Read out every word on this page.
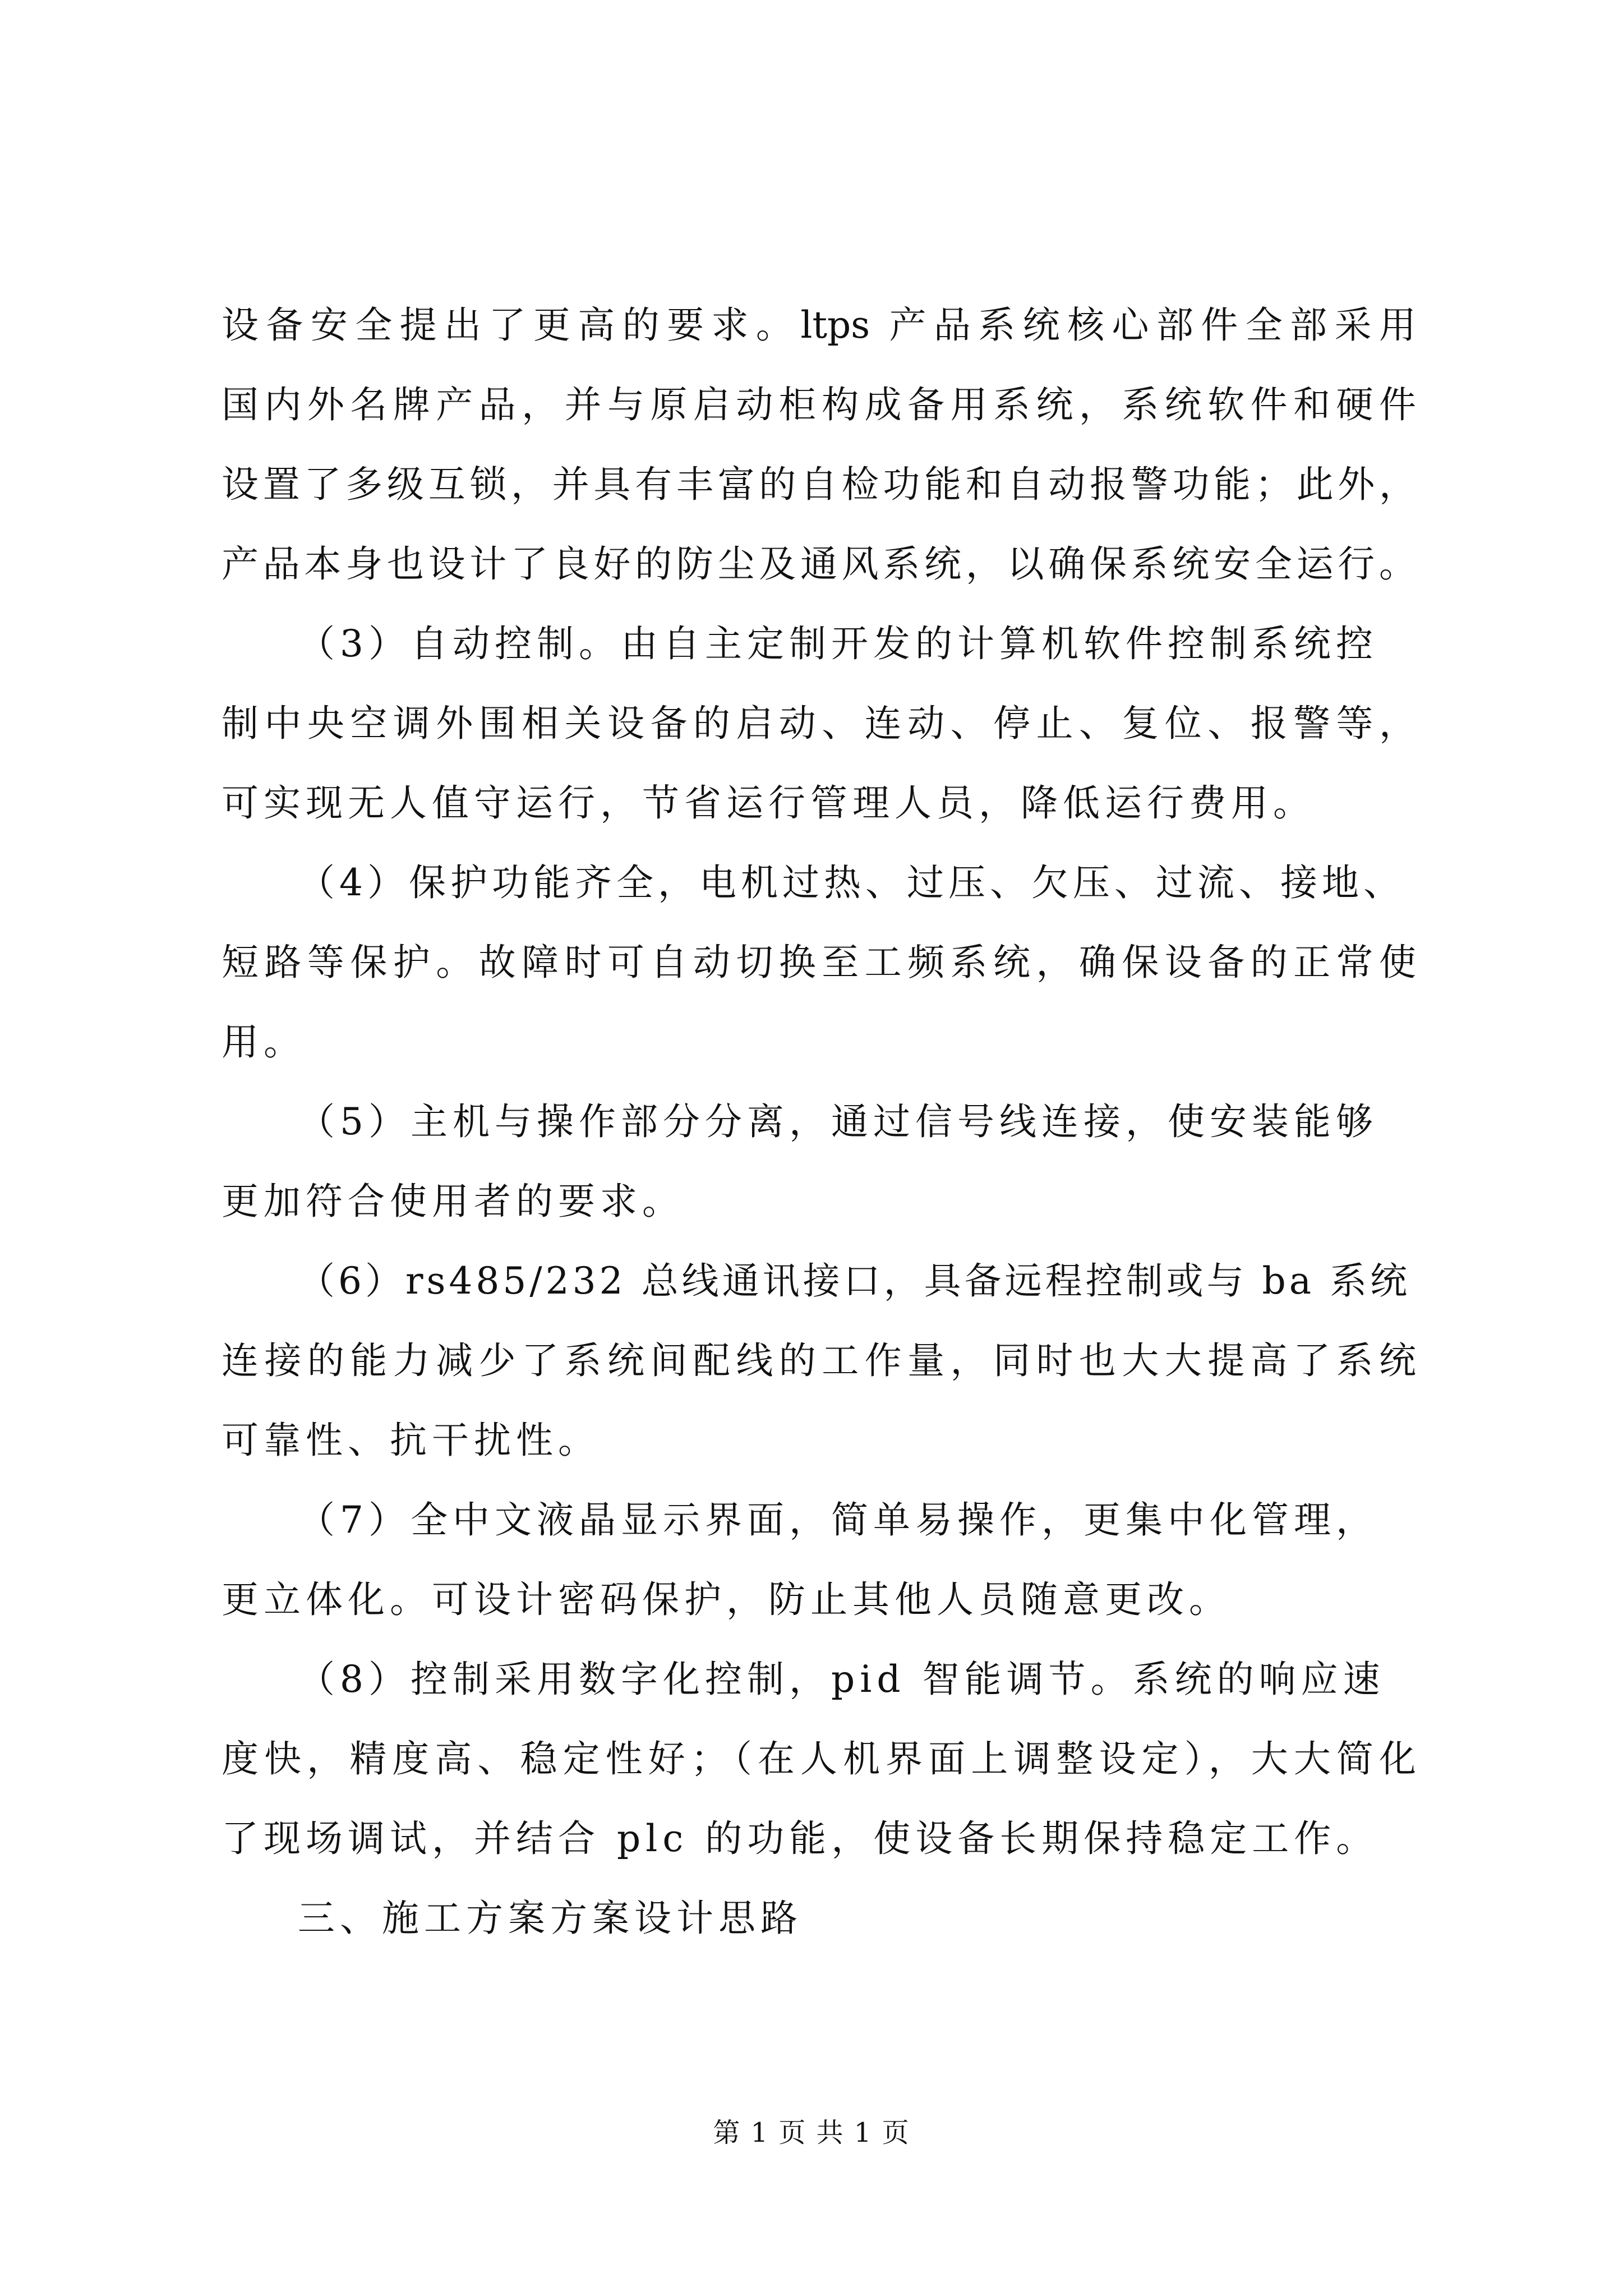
设备安全提出了更高的要求。ltps 产品系统核心部件全部采用
国内外名牌产品，并与原启动柜构成备用系统，系统软件和硬件
设置了多级互锁，并具有丰富的自检功能和自动报警功能；此外，
产品本身也设计了良好的防尘及通风系统，以确保系统安全运行。
（3）自动控制。由自主定制开发的计算机软件控制系统控
制中央空调外围相关设备的启动、连动、停止、复位、报警等，
可实现无人值守运行，节省运行管理人员，降低运行费用。
（4）保护功能齐全，电机过热、过压、欠压、过流、接地、
短路等保护。故障时可自动切换至工频系统，确保设备的正常使
用。
（5）主机与操作部分分离，通过信号线连接，使安装能够
更加符合使用者的要求。
（6）rs485/232 总线通讯接口，具备远程控制或与 ba 系统
连接的能力减少了系统间配线的工作量，同时也大大提高了系统
可靠性、抗干扰性。
（7）全中文液晶显示界面，简单易操作，更集中化管理，
更立体化。可设计密码保护，防止其他人员随意更改。
（8）控制采用数字化控制，pid 智能调节。系统的响应速
度快，精度高、稳定性好；（在人机界面上调整设定），大大简化
了现场调试，并结合 plc 的功能，使设备长期保持稳定工作。
三、施工方案方案设计思路
第 1 页 共 1 页
